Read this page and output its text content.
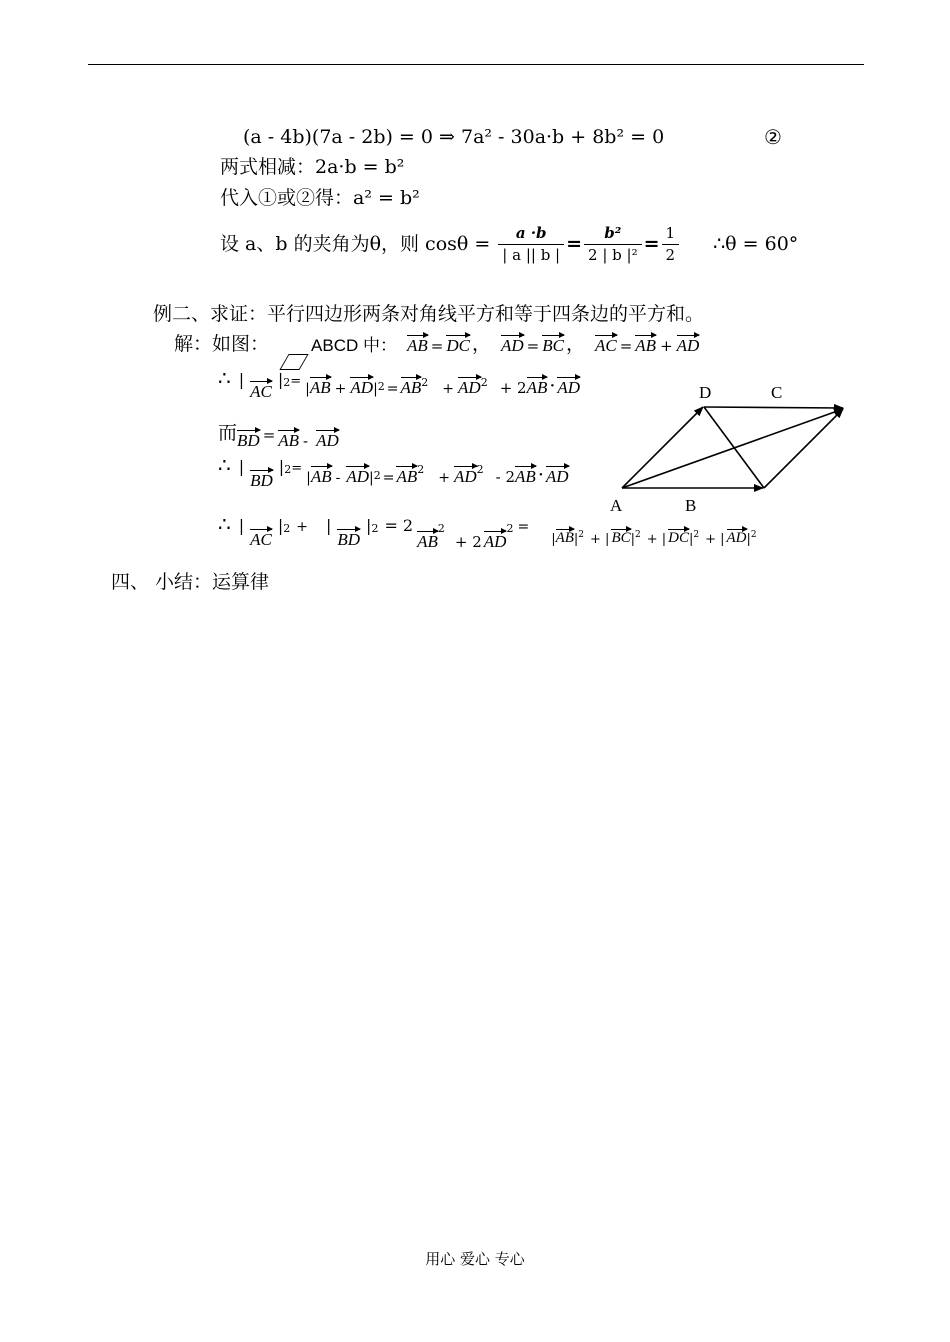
(a - 4b)(7a - 2b) = 0 ⇒ 7a² - 30a·b + 8b² = 0	②
两式相减：2a·b = b²
代入①或②得：a² = b²
设 a、b 的夹角为θ，则 $\cos\theta = \frac{a \cdot b}{| a || b |} = \frac{\text{b²}}{\text{2 | b |²}} = \frac{1}{2}$ ∴θ = 60°
例二、求证：平行四边形两条对角线平方和等于四条边的平方和。
解：如图： ABCD 中： AB = DC ， AD = BC ， AC = AB + AD
∴ |
AC
| 2 = | AB + AD | 2 = AB 2 + AD 2 + 2 AB · AD
而 BD = AB - AD
∴ |
BD
| 2 =
| AB - AD | 2 = AB 2
+ AD 2 - 2 AB · AD
∴ |
AC
| 2 + |
BD
| 2 = 2
AB
2
+ 2 AD
2 =
| AB | 2 + | BC | 2 + | DC | 2 + | AD | 2
D	C
A	B
四、 小结：运算律
用心 爱心 专心
